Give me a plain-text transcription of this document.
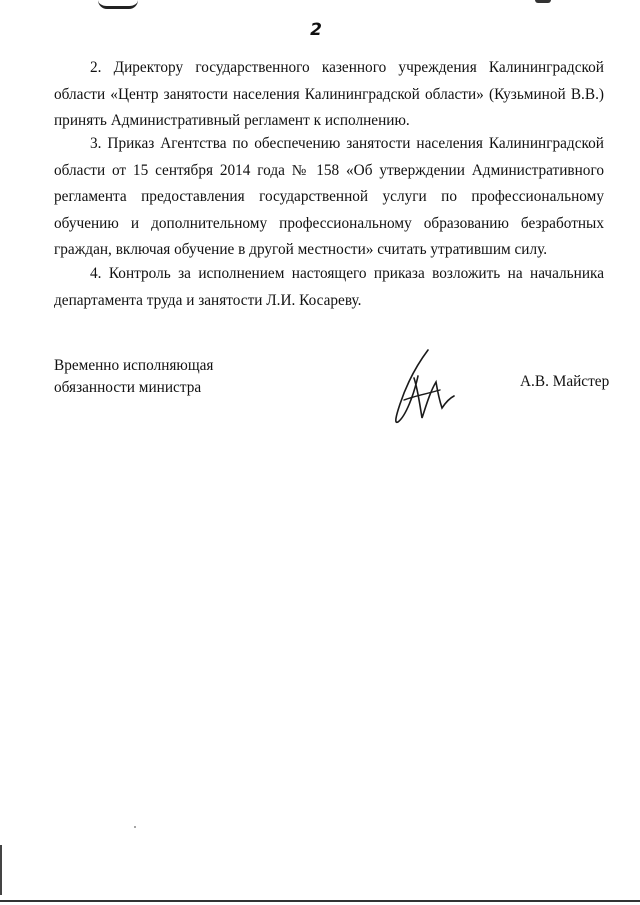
2

2. Директору государственного казенного учреждения Калининградской области «Центр занятости населения Калининградской области» (Кузьминой В.В.) принять Административный регламент к исполнению.

3. Приказ Агентства по обеспечению занятости населения Калининградской области от 15 сентября 2014 года № 158 «Об утверждении Административного регламента предоставления государственной услуги по профессиональному обучению и дополнительному профессиональному образованию безработных граждан, включая обучение в другой местности» считать утратившим силу.

4. Контроль за исполнением настоящего приказа возложить на начальника департамента труда и занятости Л.И. Косареву.

Временно исполняющая
обязанности министра	А.В. Майстер
